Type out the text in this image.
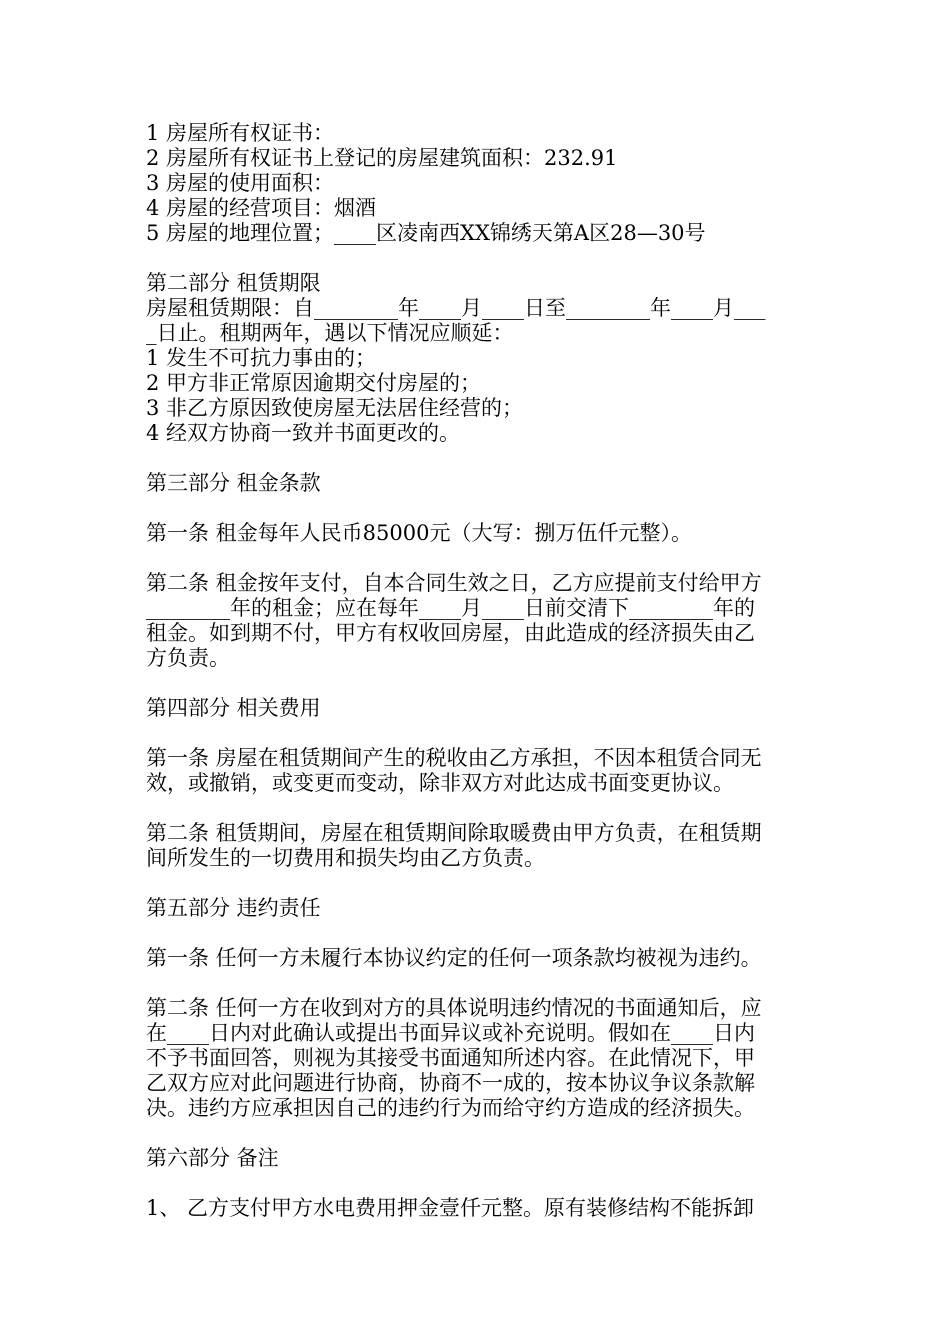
1 房屋所有权证书：
2 房屋所有权证书上登记的房屋建筑面积：232.91
3 房屋的使用面积：
4 房屋的经营项目：烟酒
5 房屋的地理位置；____区凌南西XX锦绣天第A区28—30号
第二部分 租赁期限
房屋租赁期限：自________年____月____日至________年____月___
_日止。租期两年，遇以下情况应顺延：
1 发生不可抗力事由的；
2 甲方非正常原因逾期交付房屋的；
3 非乙方原因致使房屋无法居住经营的；
4 经双方协商一致并书面更改的。
第三部分 租金条款
第一条 租金每年人民币85000元（大写：捌万伍仟元整）。
第二条 租金按年支付，自本合同生效之日，乙方应提前支付给甲方
________年的租金；应在每年____月____日前交清下________年的
租金。如到期不付，甲方有权收回房屋，由此造成的经济损失由乙
方负责。
第四部分 相关费用
第一条 房屋在租赁期间产生的税收由乙方承担，不因本租赁合同无
效，或撤销，或变更而变动，除非双方对此达成书面变更协议。
第二条 租赁期间，房屋在租赁期间除取暖费由甲方负责，在租赁期
间所发生的一切费用和损失均由乙方负责。
第五部分 违约责任
第一条 任何一方未履行本协议约定的任何一项条款均被视为违约。
第二条 任何一方在收到对方的具体说明违约情况的书面通知后，应
在____日内对此确认或提出书面异议或补充说明。假如在____日内
不予书面回答，则视为其接受书面通知所述内容。在此情况下，甲
乙双方应对此问题进行协商，协商不一成的，按本协议争议条款解
决。违约方应承担因自己的违约行为而给守约方造成的经济损失。
第六部分 备注
1、 乙方支付甲方水电费用押金壹仟元整。原有装修结构不能拆卸
